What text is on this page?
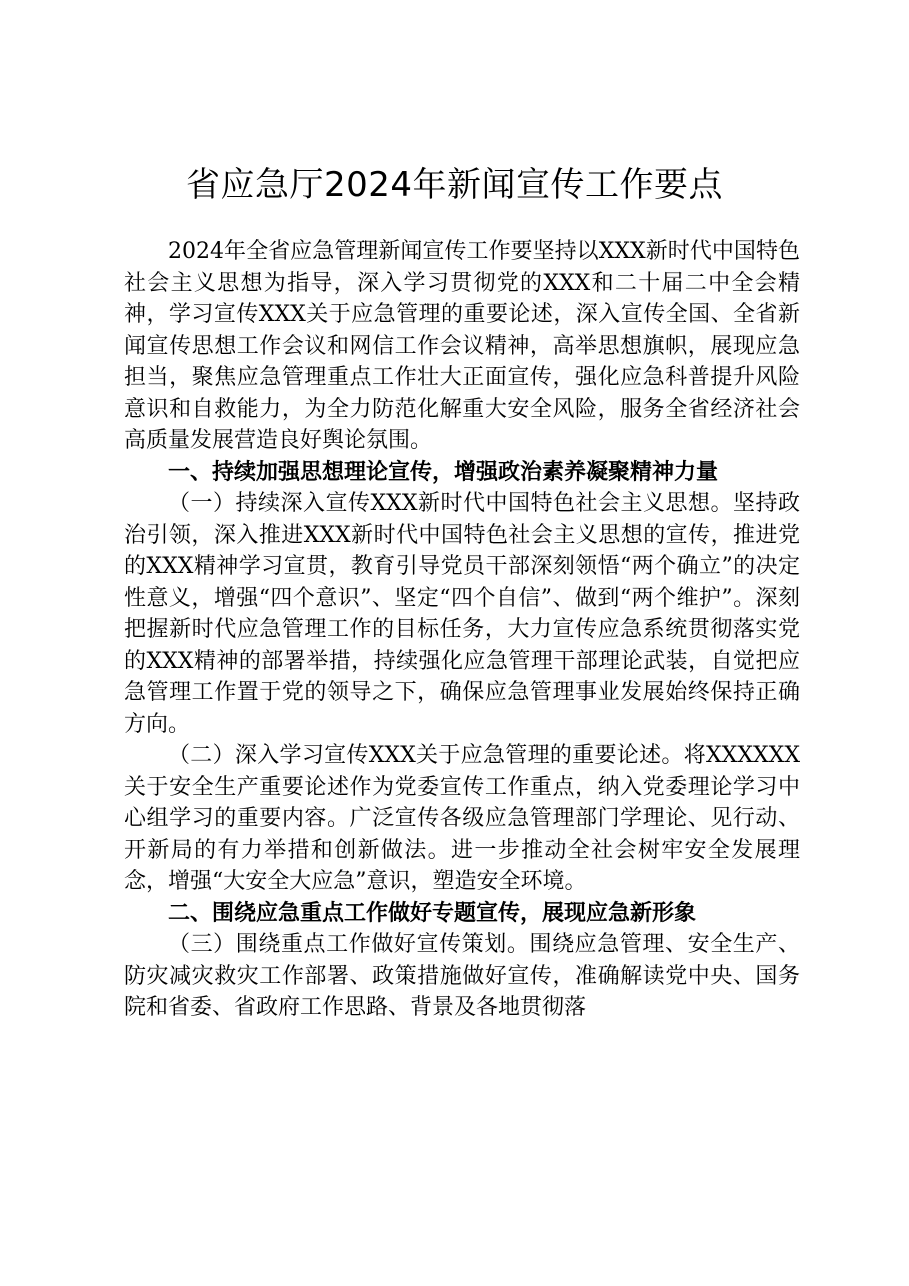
省应急厅2024年新闻宣传工作要点

2024年全省应急管理新闻宣传工作要坚持以XXX新时代中国特色社会主义思想为指导，深入学习贯彻党的XXX和二十届二中全会精神，学习宣传XXX关于应急管理的重要论述，深入宣传全国、全省新闻宣传思想工作会议和网信工作会议精神，高举思想旗帜，展现应急担当，聚焦应急管理重点工作壮大正面宣传，强化应急科普提升风险意识和自救能力，为全力防范化解重大安全风险，服务全省经济社会高质量发展营造良好舆论氛围。

一、持续加强思想理论宣传，增强政治素养凝聚精神力量

（一）持续深入宣传XXX新时代中国特色社会主义思想。坚持政治引领，深入推进XXX新时代中国特色社会主义思想的宣传，推进党的XXX精神学习宣贯，教育引导党员干部深刻领悟“两个确立”的决定性意义，增强“四个意识”、坚定“四个自信”、做到“两个维护”。深刻把握新时代应急管理工作的目标任务，大力宣传应急系统贯彻落实党的XXX精神的部署举措，持续强化应急管理干部理论武装，自觉把应急管理工作置于党的领导之下，确保应急管理事业发展始终保持正确方向。

（二）深入学习宣传XXX关于应急管理的重要论述。将XXXXXX关于安全生产重要论述作为党委宣传工作重点，纳入党委理论学习中心组学习的重要内容。广泛宣传各级应急管理部门学理论、见行动、开新局的有力举措和创新做法。进一步推动全社会树牢安全发展理念，增强“大安全大应急”意识，塑造安全环境。

二、围绕应急重点工作做好专题宣传，展现应急新形象

（三）围绕重点工作做好宣传策划。围绕应急管理、安全生产、防灾减灾救灾工作部署、政策措施做好宣传，准确解读党中央、国务院和省委、省政府工作思路、背景及各地贯彻落
